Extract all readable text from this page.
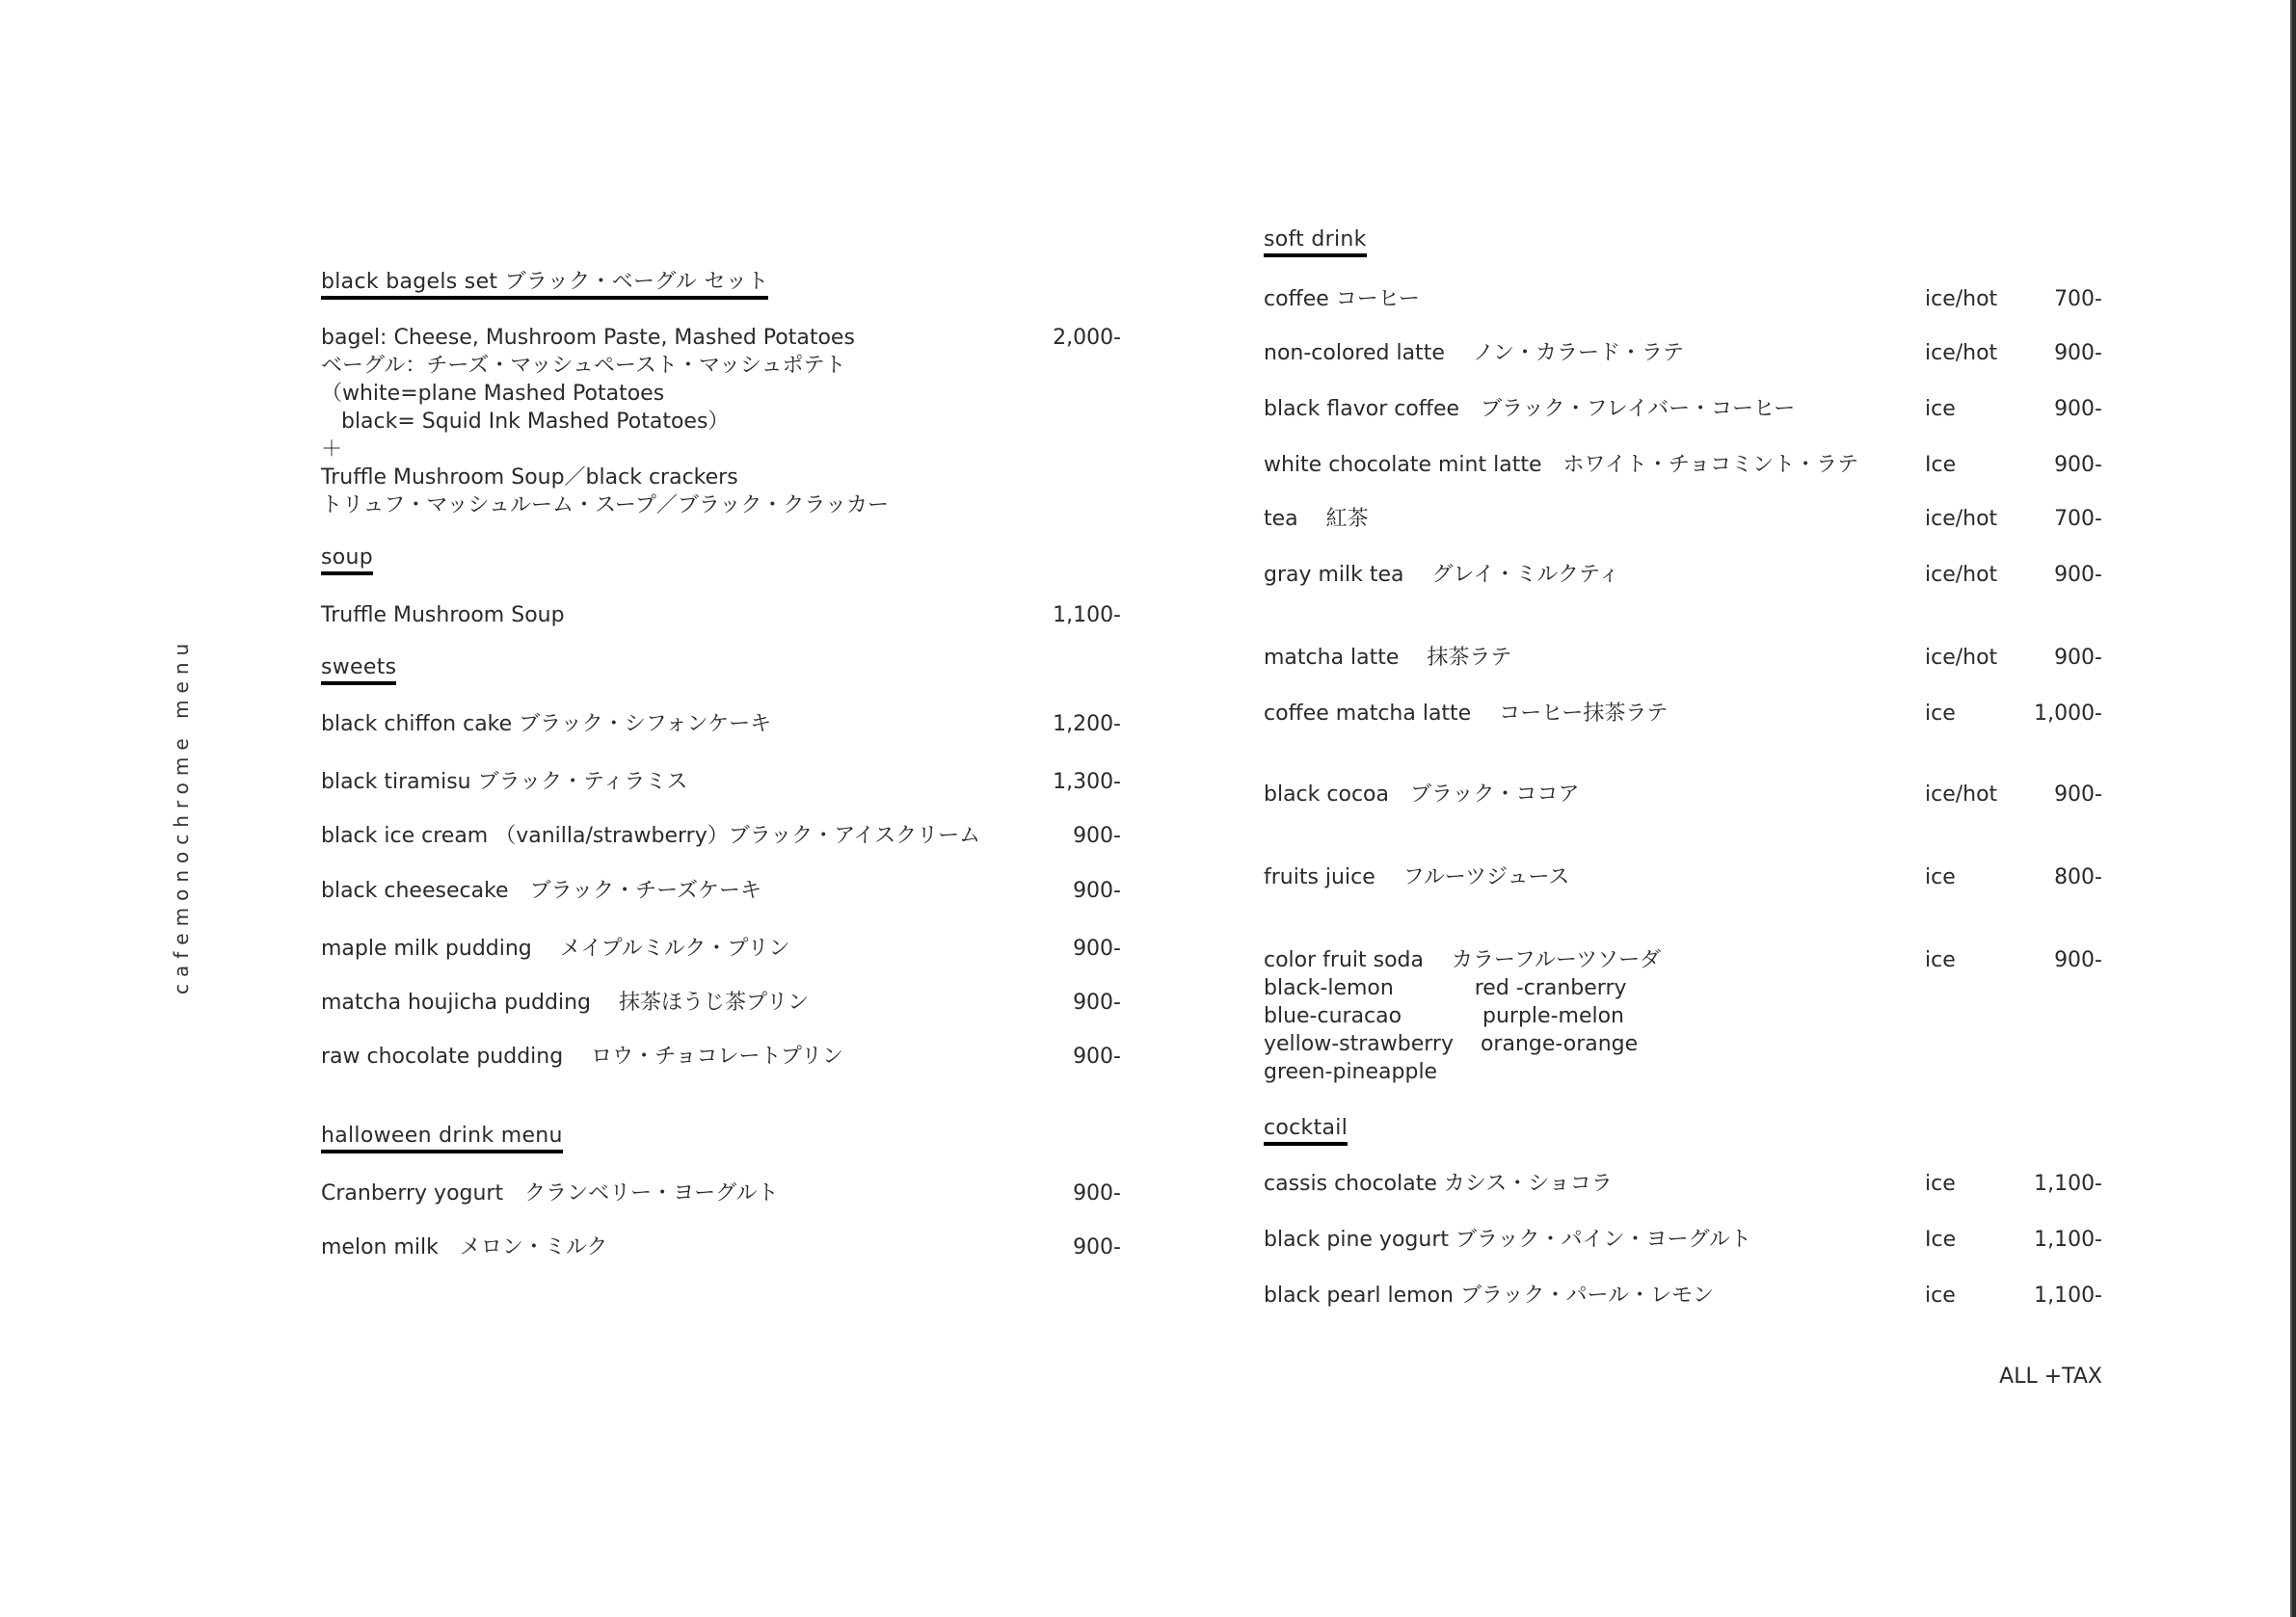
cafemonochrome menu
black bagels set ブラック・ベーグル セット
bagel: Cheese, Mushroom Paste, Mashed Potatoes
ベーグル：チーズ・マッシュペースト・マッシュポテト
（white=plane Mashed Potatoes
black= Squid Ink Mashed Potatoes）
＋
Truffle Mushroom Soup／black crackers
トリュフ・マッシュルーム・スープ／ブラック・クラッカー
2,000-
soup
Truffle Mushroom Soup	1,100-
sweets
black chiffon cake ブラック・シフォンケーキ	1,200-
black tiramisu ブラック・ティラミス	1,300-
black ice cream （vanilla/strawberry）ブラック・アイスクリーム	900-
black cheesecake　ブラック・チーズケーキ	900-
maple milk pudding　 メイプルミルク・プリン	900-
matcha houjicha pudding　 抹茶ほうじ茶プリン	900-
raw chocolate pudding　 ロウ・チョコレートプリン	900-
halloween drink menu
Cranberry yogurt　クランベリー・ヨーグルト	900-
melon milk　メロン・ミルク	900-
soft drink
coffee コーヒー	ice/hot	700-
non-colored latte　 ノン・カラード・ラテ	ice/hot	900-
black flavor coffee　ブラック・フレイバー・コーヒー	ice	900-
white chocolate mint latte　ホワイト・チョコミント・ラテ	Ice	900-
tea　 紅茶	ice/hot	700-
gray milk tea　 グレイ・ミルクティ	ice/hot	900-
matcha latte　 抹茶ラテ	ice/hot	900-
coffee matcha latte　 コーヒー抹茶ラテ	ice	1,000-
black cocoa　ブラック・ココア	ice/hot	900-
fruits juice　 フルーツジュース	ice	800-
color fruit soda　 カラーフルーツソーダ	ice	900-
black-lemon            red -cranberry
blue-curacao            purple-melon
yellow-strawberry    orange-orange
green-pineapple
cocktail
cassis chocolate カシス・ショコラ	ice	1,100-
black pine yogurt ブラック・パイン・ヨーグルト	Ice	1,100-
black pearl lemon ブラック・パール・レモン	ice	1,100-
ALL +TAX
